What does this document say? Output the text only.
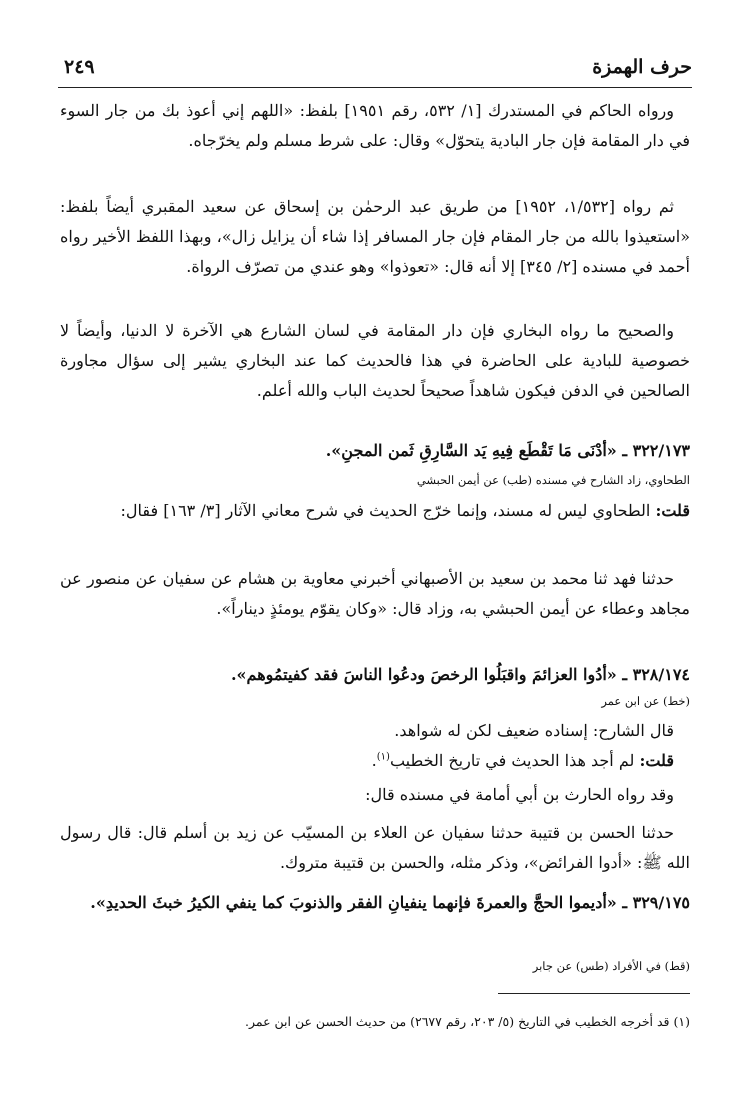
حرف الهمزة
٢٤٩
ورواه الحاكم في المستدرك [١/ ٥٣٢، رقم ١٩٥١] بلفظ: «اللهم إني أعوذ بك من جار السوء في دار المقامة فإن جار البادية يتحوّل» وقال: على شرط مسلم ولم يخرّجاه.
ثم رواه [١/٥٣٢، ١٩٥٢] من طريق عبد الرحمٰن بن إسحاق عن سعيد المقبري أيضاً بلفظ: «استعيذوا بالله من جار المقام فإن جار المسافر إذا شاء أن يزايل زال»، وبهذا اللفظ الأخير رواه أحمد في مسنده [٢/ ٣٤٥] إلا أنه قال: «تعوذوا» وهو عندي من تصرّف الرواة.
والصحيح ما رواه البخاري فإن دار المقامة في لسان الشارع هي الآخرة لا الدنيا، وأيضاً لا خصوصية للبادية على الحاضرة في هذا فالحديث كما عند البخاري يشير إلى سؤال مجاورة الصالحين في الدفن فيكون شاهداً صحيحاً لحديث الباب والله أعلم.
٣٢٢/١٧٣ ـ «أدْنَى مَا تَقْطَع فِيهِ يَد السَّارِقِ ثَمن المجنِ».
الطحاوي، زاد الشارح في مسنده (طب) عن أيمن الحبشي
قلت: الطحاوي ليس له مسند، وإنما خرّج الحديث في شرح معاني الآثار [٣/ ١٦٣] فقال:
حدثنا فهد ثنا محمد بن سعيد بن الأصبهاني أخبرني معاوية بن هشام عن سفيان عن منصور عن مجاهد وعطاء عن أيمن الحبشي به، وزاد قال: «وكان يقوّم يومئذٍ ديناراً».
٣٢٨/١٧٤ ـ «أدُوا العزائمَ واقبَلُوا الرخصَ ودعُوا الناسَ فقد كفيتمُوهم».
(خط) عن ابن عمر
قال الشارح: إسناده ضعيف لكن له شواهد.
قلت: لم أجد هذا الحديث في تاريخ الخطيب$^{(١)}$.
وقد رواه الحارث بن أبي أمامة في مسنده قال:
حدثنا الحسن بن قتيبة حدثنا سفيان عن العلاء بن المسيّب عن زيد بن أسلم قال: قال رسول الله ﷺ: «أدوا الفرائض»، وذكر مثله، والحسن بن قتيبة متروك.
٣٢٩/١٧٥ ـ «أديموا الحجَّ والعمرةَ فإنهما ينفيانِ الفقر والذنوبَ كما ينفي الكيرُ خبثَ الحديدِ».
(قط) في الأفراد (طس) عن جابر
(١) قد أخرجه الخطيب في التاريخ (٥/ ٢٠٣، رقم ٢٦٧٧) من حديث الحسن عن ابن عمر.
